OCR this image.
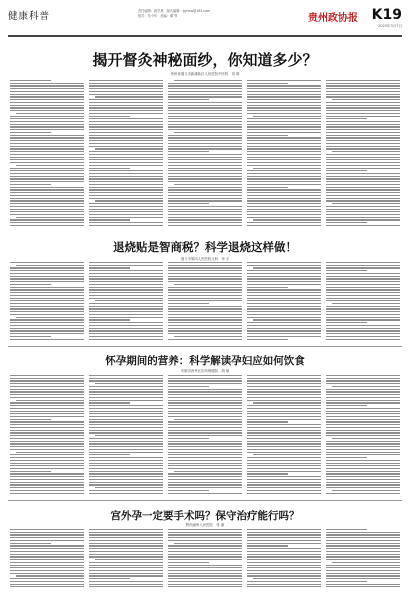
健康科普	责任编辑：唐学燕　版式编辑：gyhxw@163.com
校对：朱小华　美编：谭 琴	贵州政协报 K19
2023年3月7日
揭开督灸神秘面纱，你知道多少？
贵州省遵义市新蒲新区人民医院中医科　刘 明
退烧贴是智商税？科学退烧这样做！
遵义市第四人民医院儿科　李 宇
怀孕期间的营养：科学解读孕妇应如何饮食
安顺市西秀区妇幼保健院　胡 敏
宫外孕一定要手术吗？保守治疗能行吗？
黔西南州人民医院　张 丽
